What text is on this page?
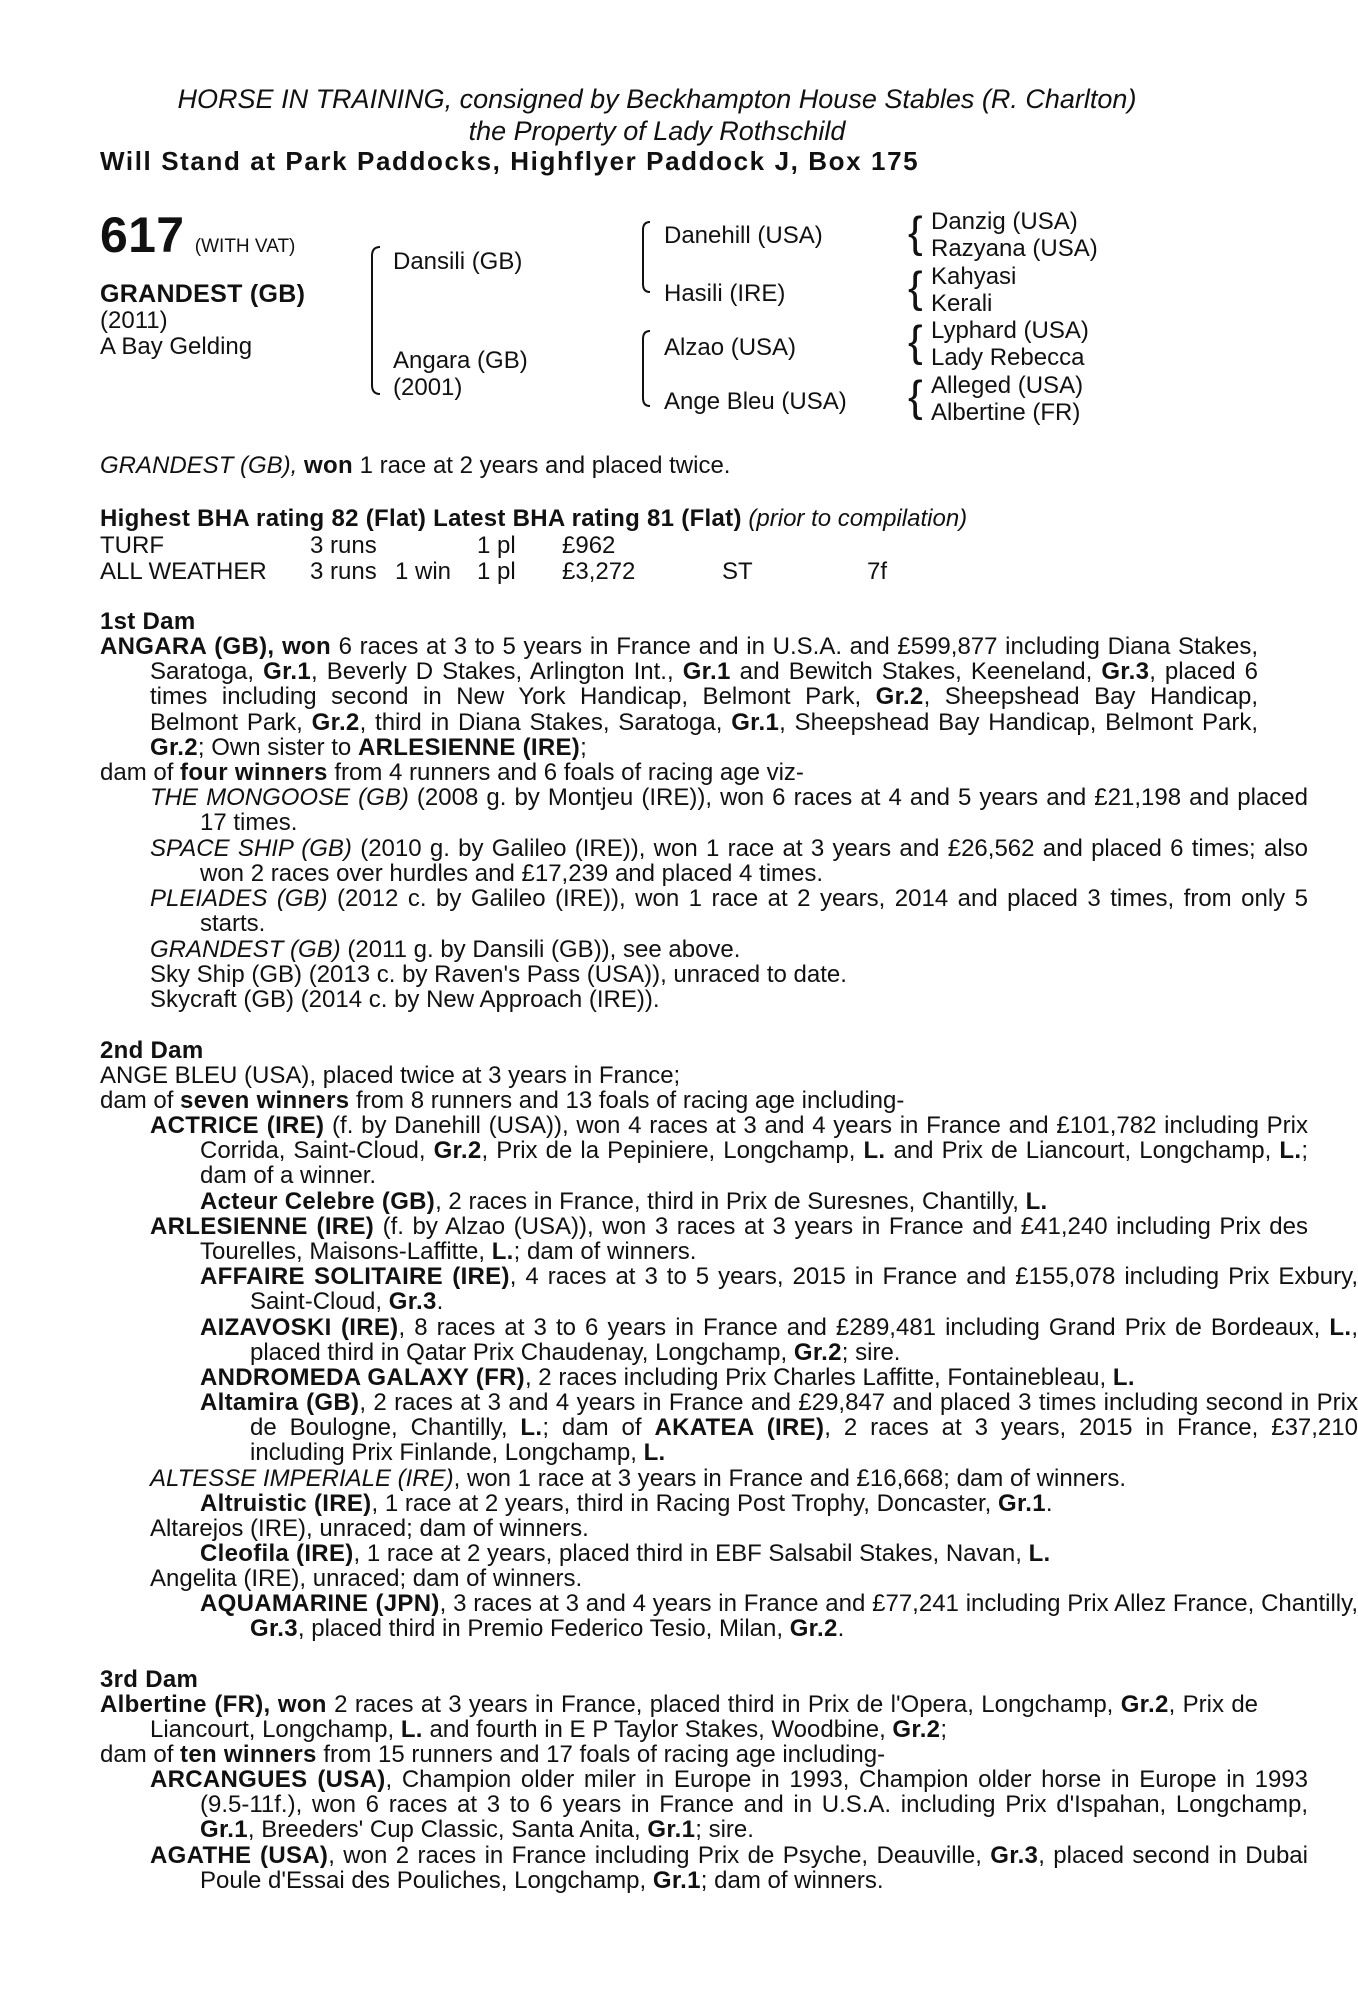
HORSE IN TRAINING, consigned by Beckhampton House Stables (R. Charlton)
the Property of Lady Rothschild
Will Stand at Park Paddocks, Highflyer Paddock J, Box 175
617 (WITH VAT)
GRANDEST (GB)
(2011)
A Bay Gelding
Dansili (GB)
Angara (GB)
(2001)
Danehill (USA)
Hasili (IRE)
Alzao (USA)
Ange Bleu (USA)
{
{
{
{
Danzig (USA)
Razyana (USA)
Kahyasi
Kerali
Lyphard (USA)
Lady Rebecca
Alleged (USA)
Albertine (FR)
GRANDEST (GB), won 1 race at 2 years and placed twice.
Highest BHA rating 82 (Flat) Latest BHA rating 81 (Flat) (prior to compilation)
TURF	3 runs	1 pl £962
ALL WEATHER 3 runs 1 win 1 pl £3,272	ST	7f
1st Dam
ANGARA (GB), won 6 races at 3 to 5 years in France and in U.S.A. and £599,877 including Diana Stakes, Saratoga, Gr.1, Beverly D Stakes, Arlington Int., Gr.1 and Bewitch Stakes, Keeneland, Gr.3, placed 6 times including second in New York Handicap, Belmont Park, Gr.2, Sheepshead Bay Handicap, Belmont Park, Gr.2, third in Diana Stakes, Saratoga, Gr.1, Sheepshead Bay Handicap, Belmont Park, Gr.2; Own sister to ARLESIENNE (IRE);
dam of four winners from 4 runners and 6 foals of racing age viz-
THE MONGOOSE (GB) (2008 g. by Montjeu (IRE)), won 6 races at 4 and 5 years and £21,198 and placed 17 times.
SPACE SHIP (GB) (2010 g. by Galileo (IRE)), won 1 race at 3 years and £26,562 and placed 6 times; also won 2 races over hurdles and £17,239 and placed 4 times.
PLEIADES (GB) (2012 c. by Galileo (IRE)), won 1 race at 2 years, 2014 and placed 3 times, from only 5 starts.
GRANDEST (GB) (2011 g. by Dansili (GB)), see above.
Sky Ship (GB) (2013 c. by Raven's Pass (USA)), unraced to date.
Skycraft (GB) (2014 c. by New Approach (IRE)).
2nd Dam
ANGE BLEU (USA), placed twice at 3 years in France;
dam of seven winners from 8 runners and 13 foals of racing age including-
ACTRICE (IRE) (f. by Danehill (USA)), won 4 races at 3 and 4 years in France and £101,782 including Prix Corrida, Saint-Cloud, Gr.2, Prix de la Pepiniere, Longchamp, L. and Prix de Liancourt, Longchamp, L.; dam of a winner.
Acteur Celebre (GB), 2 races in France, third in Prix de Suresnes, Chantilly, L.
ARLESIENNE (IRE) (f. by Alzao (USA)), won 3 races at 3 years in France and £41,240 including Prix des Tourelles, Maisons-Laffitte, L.; dam of winners.
AFFAIRE SOLITAIRE (IRE), 4 races at 3 to 5 years, 2015 in France and £155,078 including Prix Exbury, Saint-Cloud, Gr.3.
AIZAVOSKI (IRE), 8 races at 3 to 6 years in France and £289,481 including Grand Prix de Bordeaux, L., placed third in Qatar Prix Chaudenay, Longchamp, Gr.2; sire.
ANDROMEDA GALAXY (FR), 2 races including Prix Charles Laffitte, Fontainebleau, L.
Altamira (GB), 2 races at 3 and 4 years in France and £29,847 and placed 3 times including second in Prix de Boulogne, Chantilly, L.; dam of AKATEA (IRE), 2 races at 3 years, 2015 in France, £37,210 including Prix Finlande, Longchamp, L.
ALTESSE IMPERIALE (IRE), won 1 race at 3 years in France and £16,668; dam of winners.
Altruistic (IRE), 1 race at 2 years, third in Racing Post Trophy, Doncaster, Gr.1.
Altarejos (IRE), unraced; dam of winners.
Cleofila (IRE), 1 race at 2 years, placed third in EBF Salsabil Stakes, Navan, L.
Angelita (IRE), unraced; dam of winners.
AQUAMARINE (JPN), 3 races at 3 and 4 years in France and £77,241 including Prix Allez France, Chantilly, Gr.3, placed third in Premio Federico Tesio, Milan, Gr.2.
3rd Dam
Albertine (FR), won 2 races at 3 years in France, placed third in Prix de l'Opera, Longchamp, Gr.2, Prix de Liancourt, Longchamp, L. and fourth in E P Taylor Stakes, Woodbine, Gr.2;
dam of ten winners from 15 runners and 17 foals of racing age including-
ARCANGUES (USA), Champion older miler in Europe in 1993, Champion older horse in Europe in 1993 (9.5-11f.), won 6 races at 3 to 6 years in France and in U.S.A. including Prix d'Ispahan, Longchamp, Gr.1, Breeders' Cup Classic, Santa Anita, Gr.1; sire.
AGATHE (USA), won 2 races in France including Prix de Psyche, Deauville, Gr.3, placed second in Dubai Poule d'Essai des Pouliches, Longchamp, Gr.1; dam of winners.
